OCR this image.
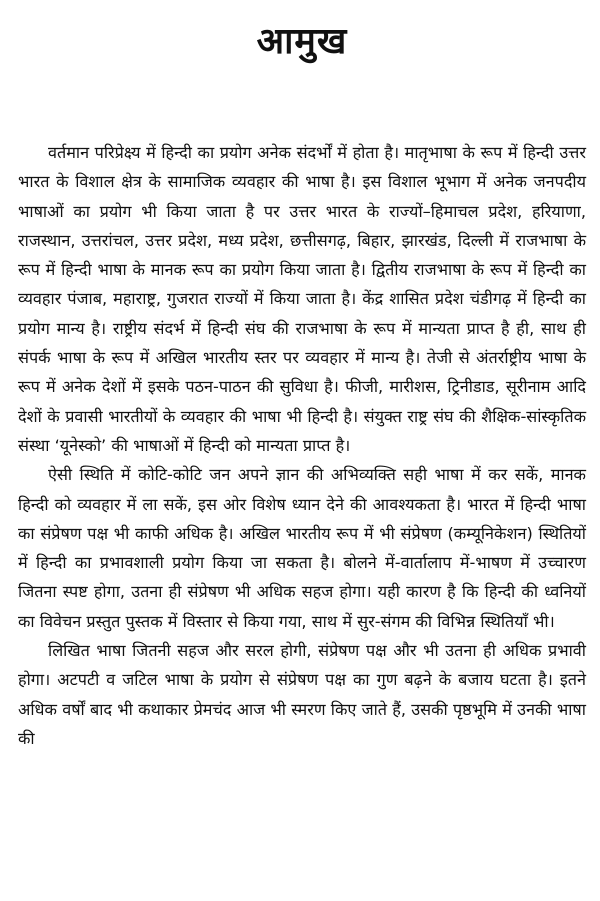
आमुख

वर्तमान परिप्रेक्ष्य में हिन्दी का प्रयोग अनेक संदर्भों में होता है। मातृभाषा के रूप में हिन्दी उत्तर भारत के विशाल क्षेत्र के सामाजिक व्यवहार की भाषा है। इस विशाल भूभाग में अनेक जनपदीय भाषाओं का प्रयोग भी किया जाता है पर उत्तर भारत के राज्यों–हिमाचल प्रदेश, हरियाणा, राजस्थान, उत्तरांचल, उत्तर प्रदेश, मध्य प्रदेश, छत्तीसगढ़, बिहार, झारखंड, दिल्ली में राजभाषा के रूप में हिन्दी भाषा के मानक रूप का प्रयोग किया जाता है। द्वितीय राजभाषा के रूप में हिन्दी का व्यवहार पंजाब, महाराष्ट्र, गुजरात राज्यों में किया जाता है। केंद्र शासित प्रदेश चंडीगढ़ में हिन्दी का प्रयोग मान्य है। राष्ट्रीय संदर्भ में हिन्दी संघ की राजभाषा के रूप में मान्यता प्राप्त है ही, साथ ही संपर्क भाषा के रूप में अखिल भारतीय स्तर पर व्यवहार में मान्य है। तेजी से अंतर्राष्ट्रीय भाषा के रूप में अनेक देशों में इसके पठन-पाठन की सुविधा है। फीजी, मारीशस, ट्रिनीडाड, सूरीनाम आदि देशों के प्रवासी भारतीयों के व्यवहार की भाषा भी हिन्दी है। संयुक्त राष्ट्र संघ की शैक्षिक-सांस्कृतिक संस्था ‘यूनेस्को’ की भाषाओं में हिन्दी को मान्यता प्राप्त है।

ऐसी स्थिति में कोटि-कोटि जन अपने ज्ञान की अभिव्यक्ति सही भाषा में कर सकें, मानक हिन्दी को व्यवहार में ला सकें, इस ओर विशेष ध्यान देने की आवश्यकता है। भारत में हिन्दी भाषा का संप्रेषण पक्ष भी काफी अधिक है। अखिल भारतीय रूप में भी संप्रेषण (कम्यूनिकेशन) स्थितियों में हिन्दी का प्रभावशाली प्रयोग किया जा सकता है। बोलने में-वार्तालाप में-भाषण में उच्चारण जितना स्पष्ट होगा, उतना ही संप्रेषण भी अधिक सहज होगा। यही कारण है कि हिन्दी की ध्वनियों का विवेचन प्रस्तुत पुस्तक में विस्तार से किया गया, साथ में सुर-संगम की विभिन्न स्थितियाँ भी।

लिखित भाषा जितनी सहज और सरल होगी, संप्रेषण पक्ष और भी उतना ही अधिक प्रभावी होगा। अटपटी व जटिल भाषा के प्रयोग से संप्रेषण पक्ष का गुण बढ़ने के बजाय घटता है। इतने अधिक वर्षों बाद भी कथाकार प्रेमचंद आज भी स्मरण किए जाते हैं, उसकी पृष्ठभूमि में उनकी भाषा की
